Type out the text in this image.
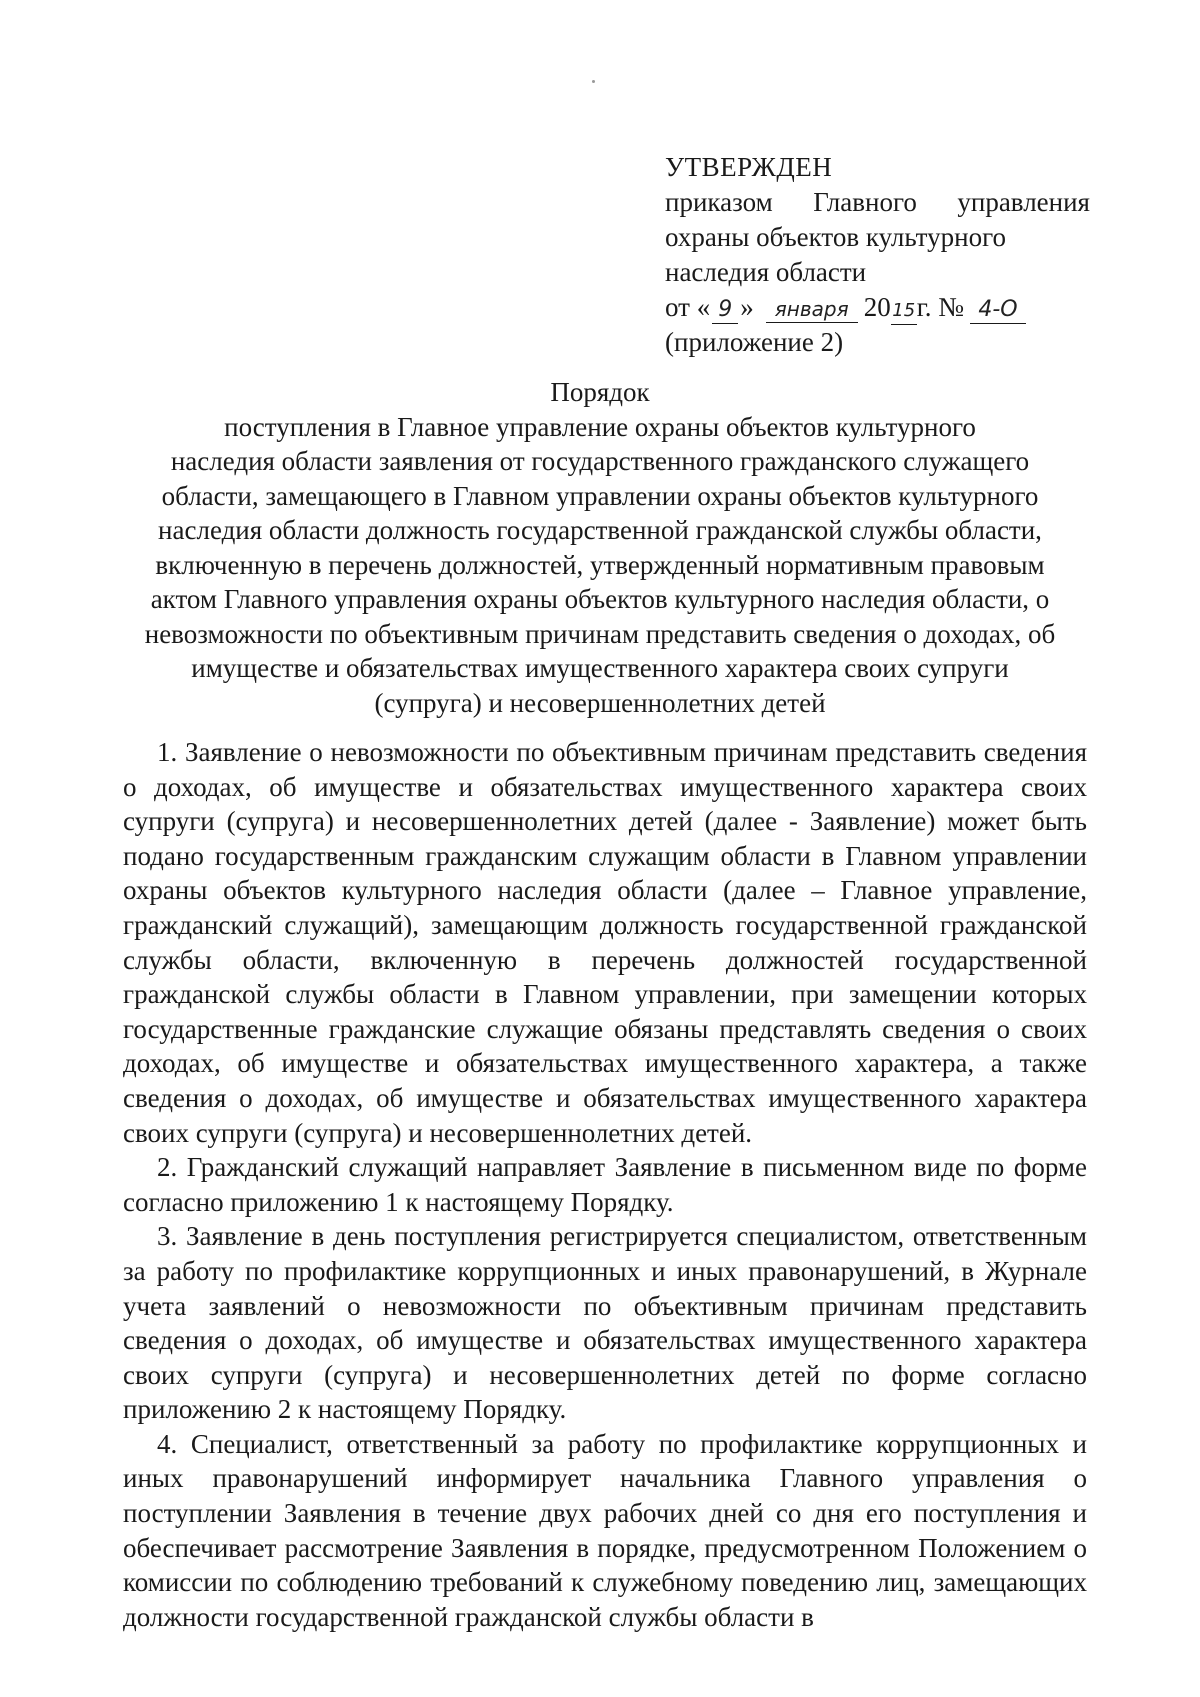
УТВЕРЖДЕН
приказом Главного управления
охраны объектов культурного
наследия области
от « 9 »	января 20 15 г. № 4-О
(приложение 2)
Порядок
поступления в Главное управление охраны объектов культурного
наследия области заявления от государственного гражданского служащего
области, замещающего в Главном управлении охраны объектов культурного
наследия области должность государственной гражданской службы области,
включенную в перечень должностей, утвержденный нормативным правовым
актом Главного управления охраны объектов культурного наследия области, о
невозможности по объективным причинам представить сведения о доходах, об
имуществе и обязательствах имущественного характера своих супруги
(супруга) и несовершеннолетних детей

1. Заявление о невозможности по объективным причинам представить сведения о доходах, об имуществе и обязательствах имущественного характера своих супруги (супруга) и несовершеннолетних детей (далее - Заявление) может быть подано государственным гражданским служащим области в Главном управлении охраны объектов культурного наследия области (далее – Главное управление, гражданский служащий), замещающим должность государственной гражданской службы области, включенную в перечень должностей государственной гражданской службы области в Главном управлении, при замещении которых государственные гражданские служащие обязаны представлять сведения о своих доходах, об имуществе и обязательствах имущественного характера, а также сведения о доходах, об имуществе и обязательствах имущественного характера своих супруги (супруга) и несовершеннолетних детей.

2. Гражданский служащий направляет Заявление в письменном виде по форме согласно приложению 1 к настоящему Порядку.

3. Заявление в день поступления регистрируется специалистом, ответственным за работу по профилактике коррупционных и иных правонарушений, в Журнале учета заявлений о невозможности по объективным причинам представить сведения о доходах, об имуществе и обязательствах имущественного характера своих супруги (супруга) и несовершеннолетних детей по форме согласно приложению 2 к настоящему Порядку.

4. Специалист, ответственный за работу по профилактике коррупционных и иных правонарушений информирует начальника Главного управления о поступлении Заявления в течение двух рабочих дней со дня его поступления и обеспечивает рассмотрение Заявления в порядке, предусмотренном Положением о комиссии по соблюдению требований к служебному поведению лиц, замещающих должности государственной гражданской службы области в
